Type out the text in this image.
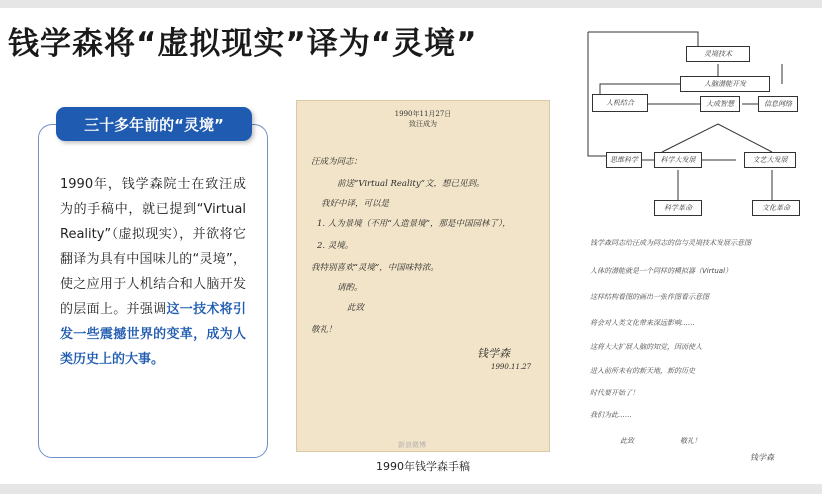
钱学森将“虚拟现实”译为“灵境”
三十多年前的“灵境”
1990年，钱学森院士在致汪成为的手稿中，就已提到“Virtual Reality”（虚拟现实），并欲将它翻译为具有中国味儿的“灵境”，使之应用于人机结合和人脑开发的层面上。并强调这一技术将引发一些震撼世界的变革，成为人类历史上的大事。
1990年11月27日
致汪成为
汪成为同志：
前送“Virtual Reality”文，想已见到。
我好中译，可以是
1. 人为景境（不用“人造景境”，那是中国园林了），
2. 灵境。
我特别喜欢“灵境”，中国味特浓。
请酌。
此致
敬礼！
钱学森
1990.11.27
新浪微博
1990年钱学森手稿
灵境技术
人脑潜能开发
大成智慧	信息网络
人机结合
思维科学	科学大发展	文艺大发展
科学革命	文化革命
钱学森同志给汪成为同志的信与灵境技术发展示意图
人体的潜能就是一个同样的模拟器（Virtual）
这样结构看图的画出一张作图看示意图
将会对人类文化带来深远影响……
这将大大扩展人脑的知觉，因而使人
进入前所未有的新天地，新的历史
时代要开始了！
我们为此……
此致	敬礼！
钱学森
